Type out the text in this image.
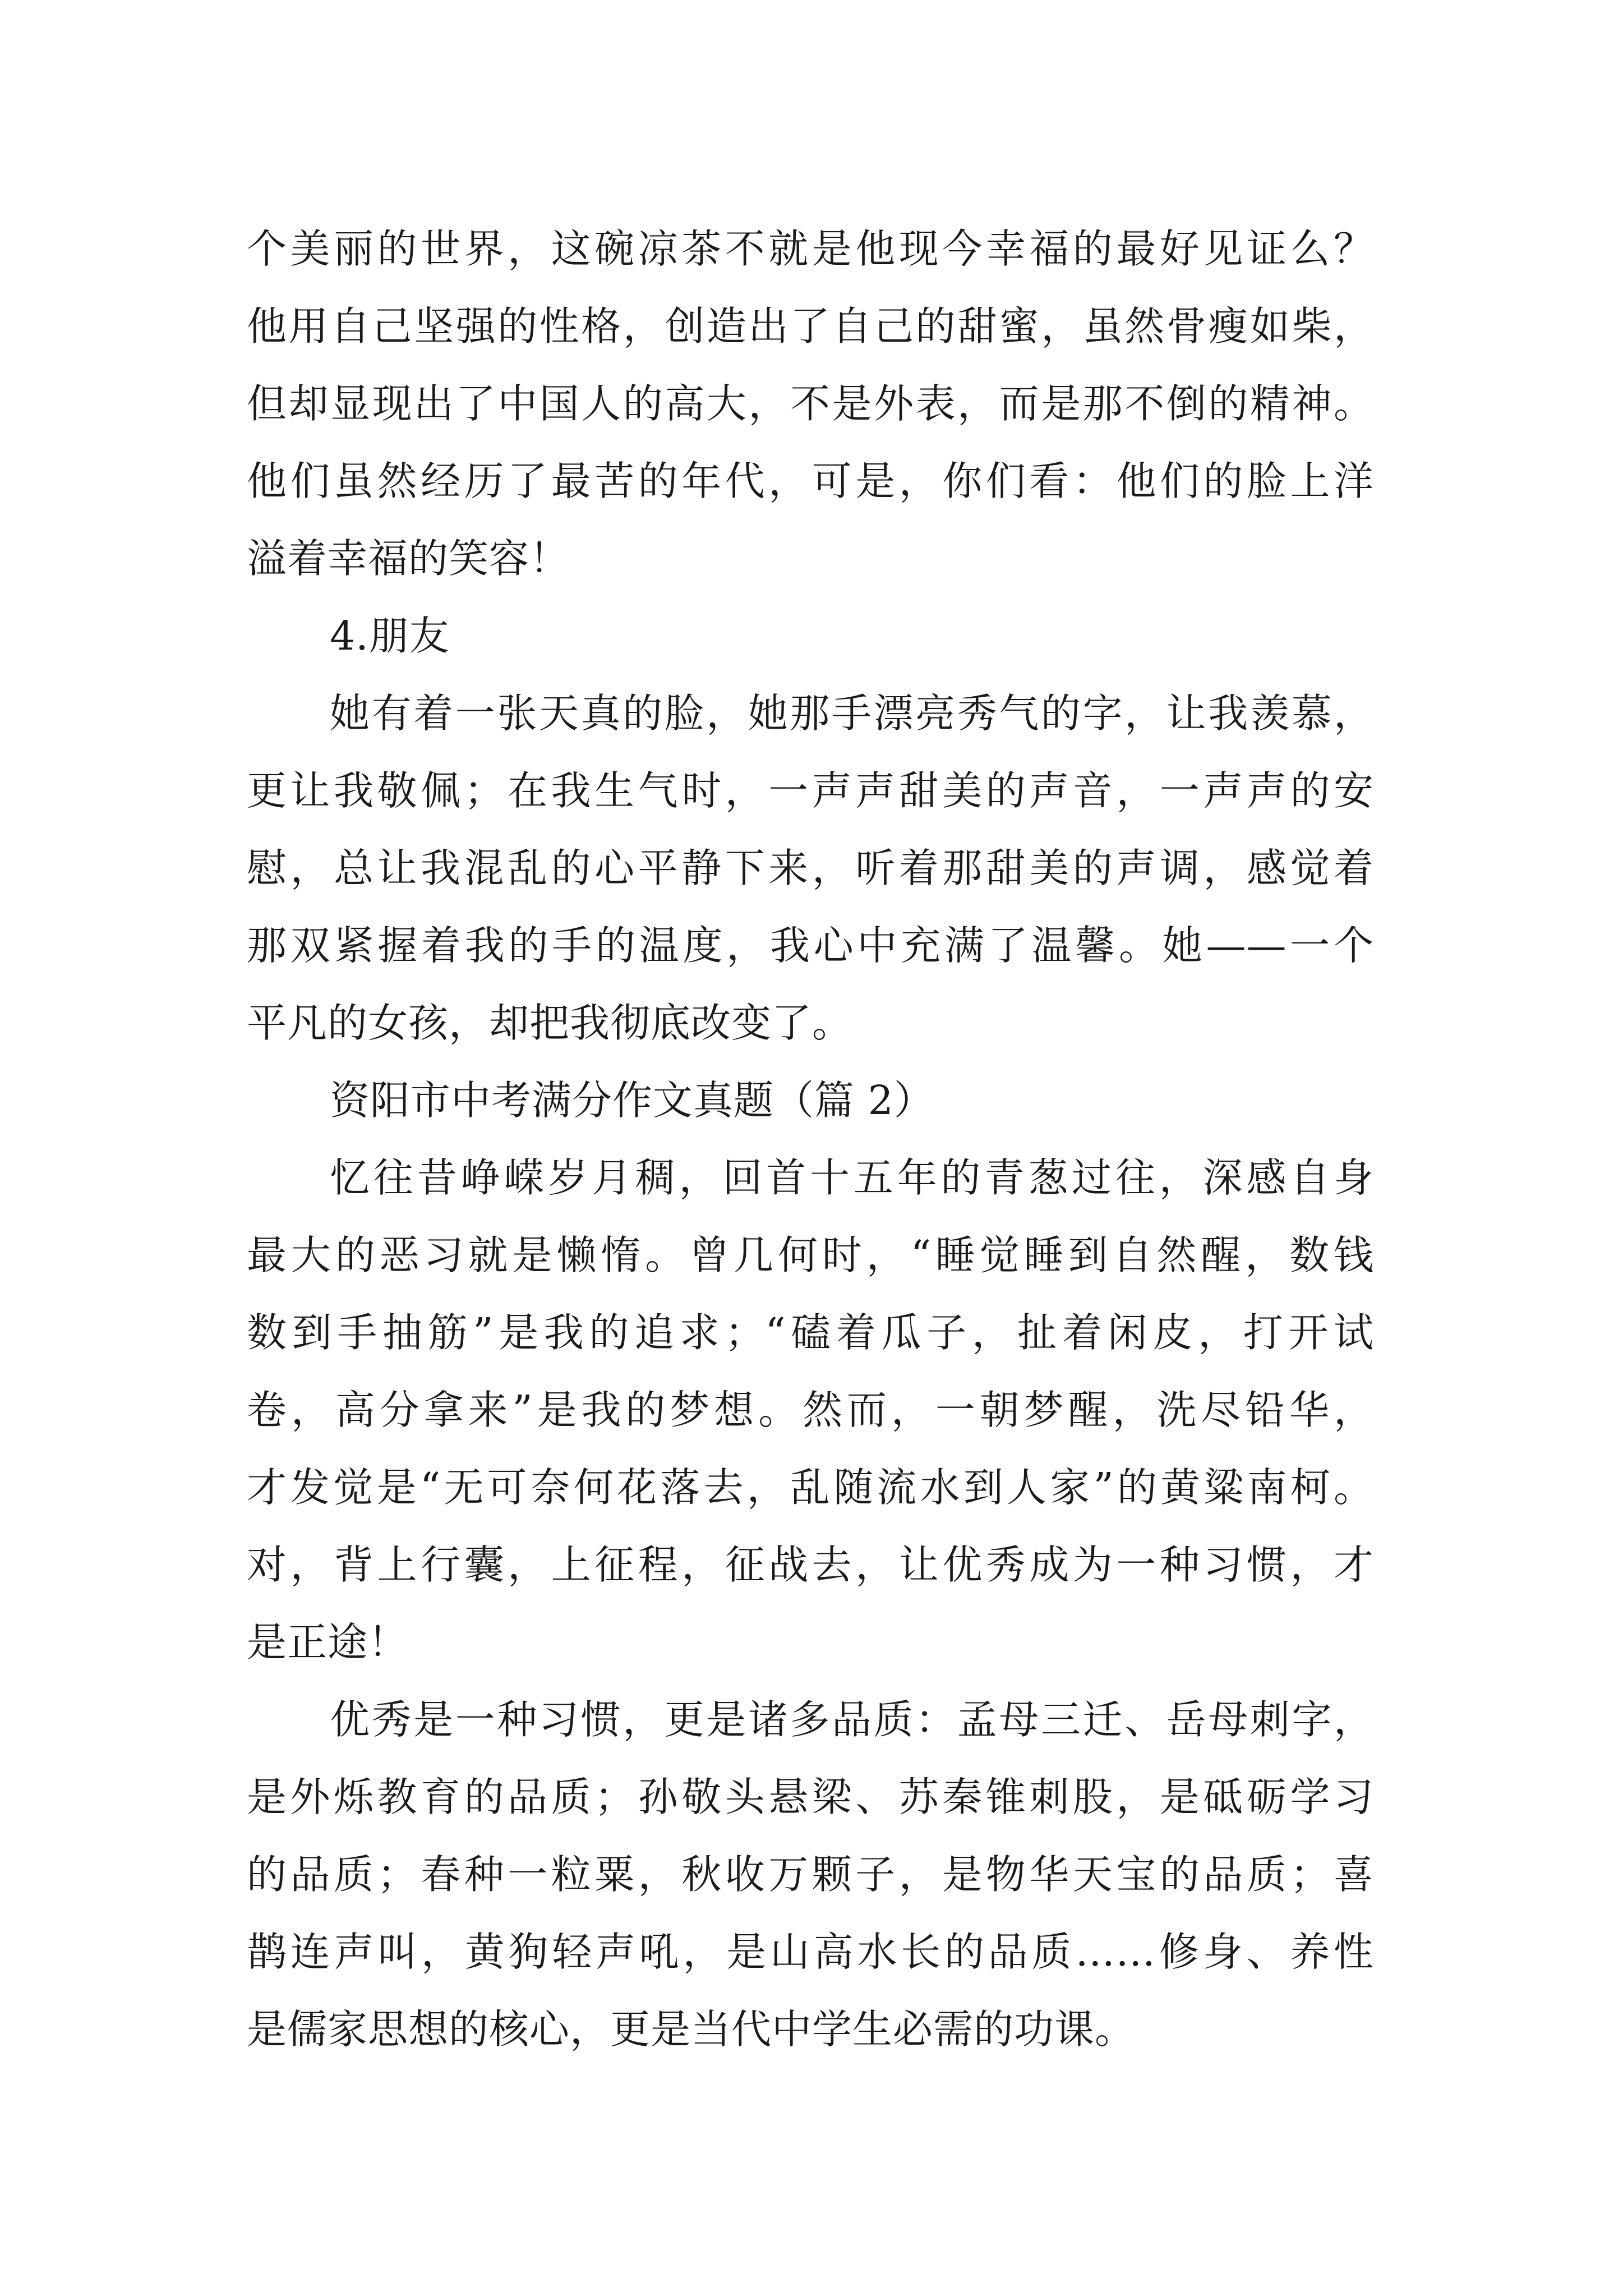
个美丽的世界，这碗凉茶不就是他现今幸福的最好见证么？
他用自己坚强的性格，创造出了自己的甜蜜，虽然骨瘦如柴，
但却显现出了中国人的高大，不是外表，而是那不倒的精神。
他们虽然经历了最苦的年代，可是，你们看：他们的脸上洋
溢着幸福的笑容！
4.朋友
她有着一张天真的脸，她那手漂亮秀气的字，让我羡慕，
更让我敬佩；在我生气时，一声声甜美的声音，一声声的安
慰，总让我混乱的心平静下来，听着那甜美的声调，感觉着
那双紧握着我的手的温度，我心中充满了温馨。她——一个
平凡的女孩，却把我彻底改变了。
资阳市中考满分作文真题（篇 2）
忆往昔峥嵘岁月稠，回首十五年的青葱过往，深感自身
最大的恶习就是懒惰。曾几何时，“睡觉睡到自然醒，数钱
数到手抽筋”是我的追求；“磕着瓜子，扯着闲皮，打开试
卷，高分拿来”是我的梦想。然而，一朝梦醒，洗尽铅华，
才发觉是“无可奈何花落去，乱随流水到人家”的黄粱南柯。
对，背上行囊，上征程，征战去，让优秀成为一种习惯，才
是正途！
优秀是一种习惯，更是诸多品质：孟母三迁、岳母刺字，
是外烁教育的品质；孙敬头悬梁、苏秦锥刺股，是砥砺学习
的品质；春种一粒粟，秋收万颗子，是物华天宝的品质；喜
鹊连声叫，黄狗轻声吼，是山高水长的品质……修身、养性
是儒家思想的核心，更是当代中学生必需的功课。
